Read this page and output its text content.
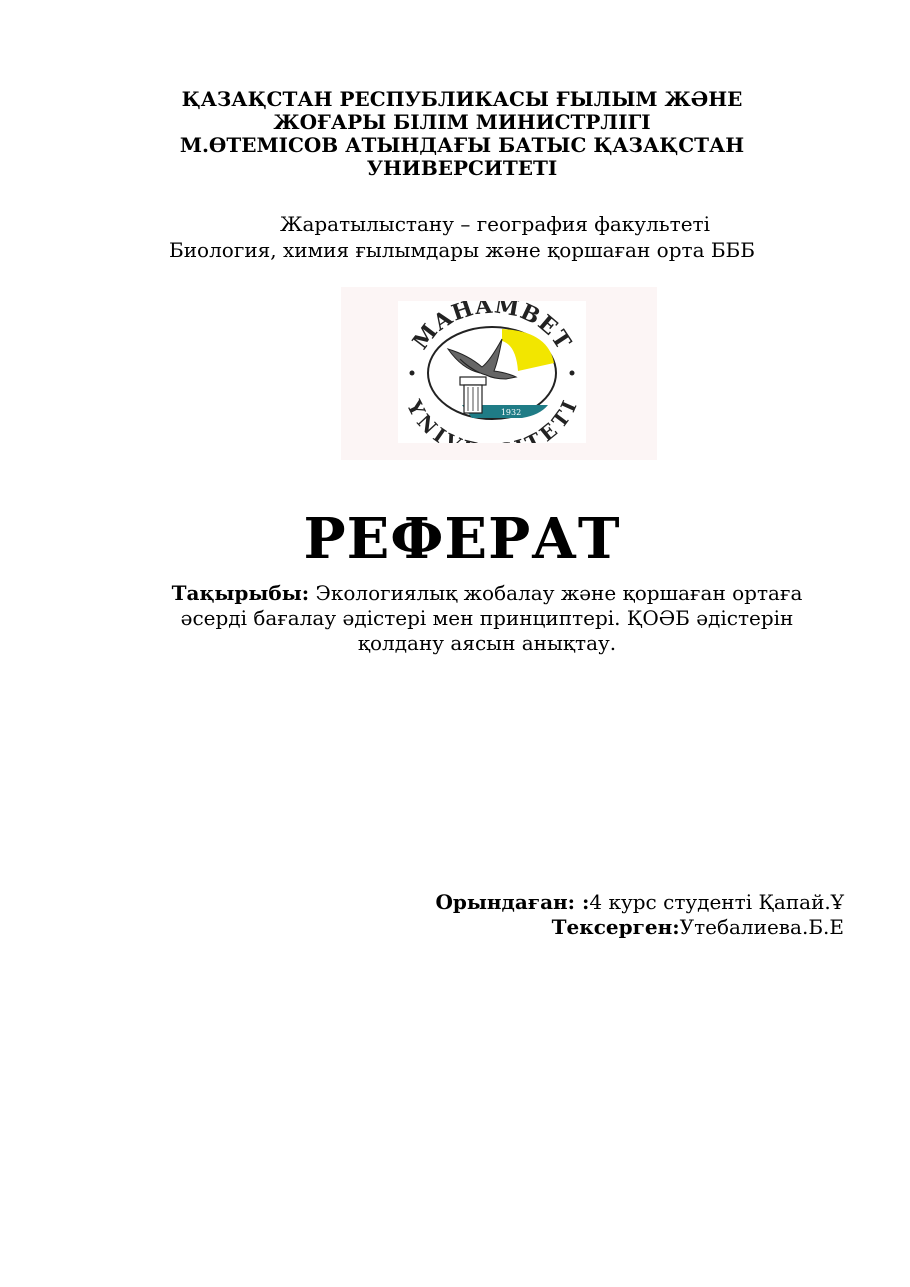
ҚАЗАҚСТАН РЕСПУБЛИКАСЫ ҒЫЛЫМ ЖӘНЕ
ЖОҒАРЫ БІЛІМ МИНИСТРЛІГІ
М.ӨТЕМІСОВ АТЫНДАҒЫ БАТЫС ҚАЗАҚСТАН
УНИВЕРСИТЕТІ
Жаратылыстану – география факультеті
Биология, химия ғылымдары және қоршаған орта БББ
1932
MAHAMBET
YNIV TETI
РЕФЕРАТ
Тақырыбы: Экологиялық жобалау және қоршаған ортаға
әсерді бағалау әдістері мен принциптері. ҚОӘБ әдістерін
қолдану аясын анықтау.
Орындаған: :4 курс студенті Қапай.Ұ
Тексерген:Утебалиева.Б.Е
